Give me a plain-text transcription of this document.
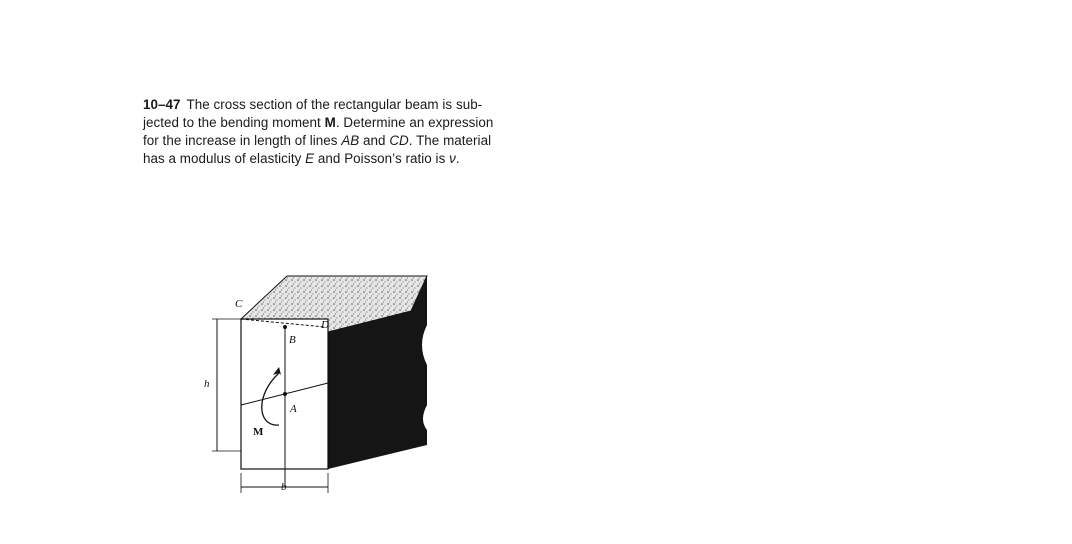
10–47 The cross section of the rectangular beam is sub-
jected to the bending moment M. Determine an expression
for the increase in length of lines AB and CD. The material
has a modulus of elasticity E and Poisson’s ratio is ν.
C
D
B
A
M
h
b
